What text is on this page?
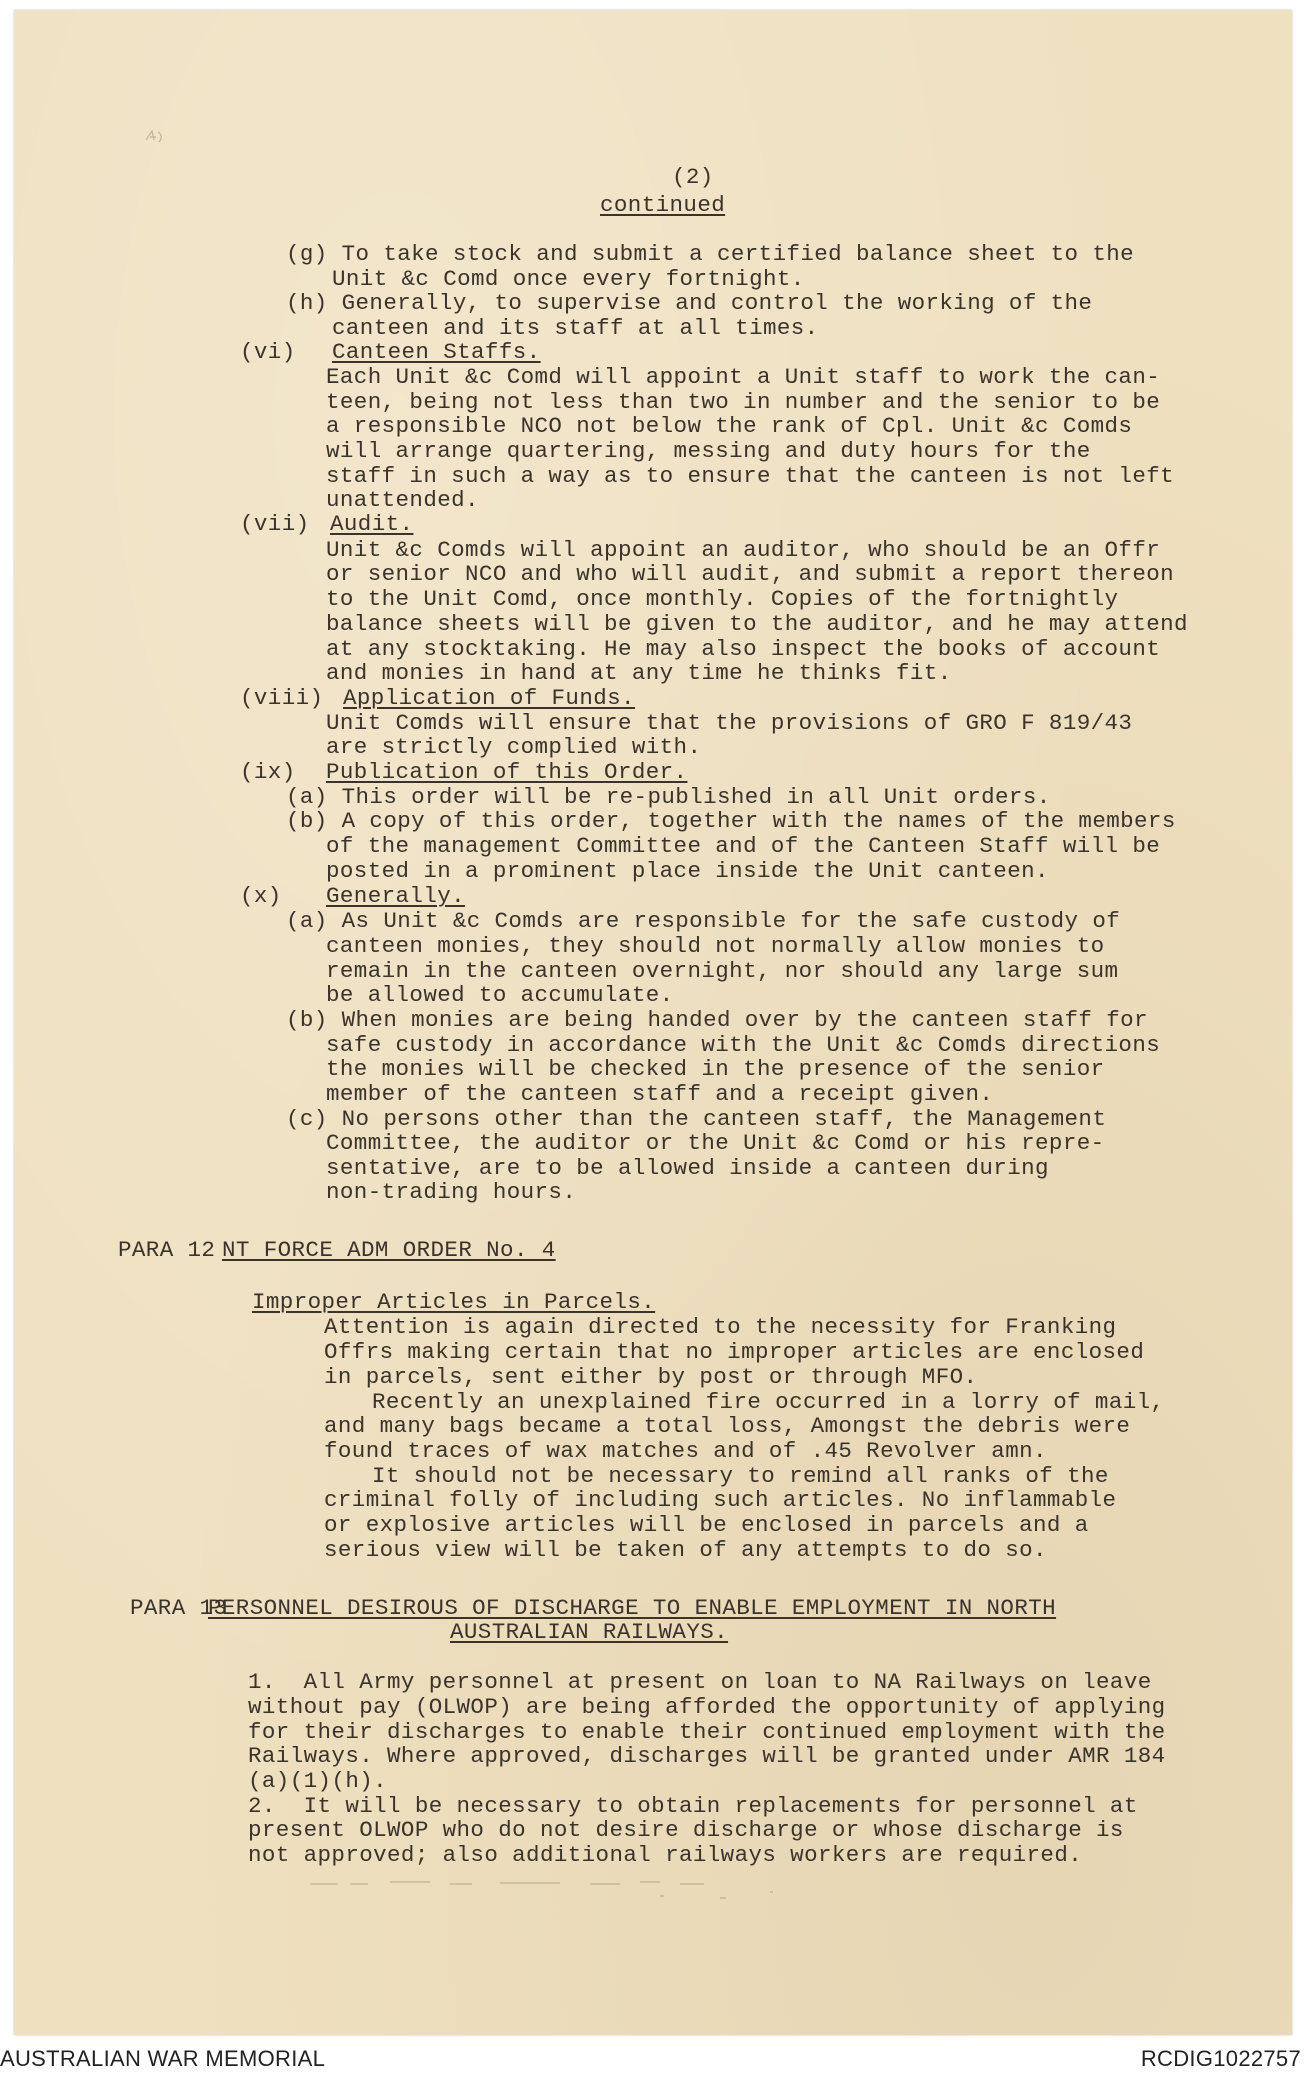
(2)
continued
(g) To take stock and submit a certified balance sheet to the
Unit &c Comd once every fortnight.
(h) Generally, to supervise and control the working of the
canteen and its staff at all times.
(vi) Canteen Staffs.
Each Unit &c Comd will appoint a Unit staff to work the can-
teen, being not less than two in number and the senior to be
a responsible NCO not below the rank of Cpl. Unit &c Comds
will arrange quartering, messing and duty hours for the
staff in such a way as to ensure that the canteen is not left
unattended.
(vii) Audit.
Unit &c Comds will appoint an auditor, who should be an Offr
or senior NCO and who will audit, and submit a report thereon
to the Unit Comd, once monthly. Copies of the fortnightly
balance sheets will be given to the auditor, and he may attend
at any stocktaking. He may also inspect the books of account
and monies in hand at any time he thinks fit.
(viii) Application of Funds.
Unit Comds will ensure that the provisions of GRO F 819/43
are strictly complied with.
(ix) Publication of this Order.
(a) This order will be re-published in all Unit orders.
(b) A copy of this order, together with the names of the members
of the management Committee and of the Canteen Staff will be
posted in a prominent place inside the Unit canteen.
(x) Generally.
(a) As Unit &c Comds are responsible for the safe custody of
canteen monies, they should not normally allow monies to
remain in the canteen overnight, nor should any large sum
be allowed to accumulate.
(b) When monies are being handed over by the canteen staff for
safe custody in accordance with the Unit &c Comds directions
the monies will be checked in the presence of the senior
member of the canteen staff and a receipt given.
(c) No persons other than the canteen staff, the Management
Committee, the auditor or the Unit &c Comd or his repre-
sentative, are to be allowed inside a canteen during
non-trading hours.
PARA 12 NT FORCE ADM ORDER No. 4
Improper Articles in Parcels.
Attention is again directed to the necessity for Franking
Offrs making certain that no improper articles are enclosed
in parcels, sent either by post or through MFO.
Recently an unexplained fire occurred in a lorry of mail,
and many bags became a total loss, Amongst the debris were
found traces of wax matches and of .45 Revolver amn.
It should not be necessary to remind all ranks of the
criminal folly of including such articles. No inflammable
or explosive articles will be enclosed in parcels and a
serious view will be taken of any attempts to do so.
PARA 13
PERSONNEL DESIROUS OF DISCHARGE TO ENABLE EMPLOYMENT IN NORTH
AUSTRALIAN RAILWAYS.
1.  All Army personnel at present on loan to NA Railways on leave
without pay (OLWOP) are being afforded the opportunity of applying
for their discharges to enable their continued employment with the
Railways. Where approved, discharges will be granted under AMR 184
(a)(1)(h).
2.  It will be necessary to obtain replacements for personnel at
present OLWOP who do not desire discharge or whose discharge is
not approved; also additional railways workers are required.
AUSTRALIAN WAR MEMORIAL	RCDIG1022757
